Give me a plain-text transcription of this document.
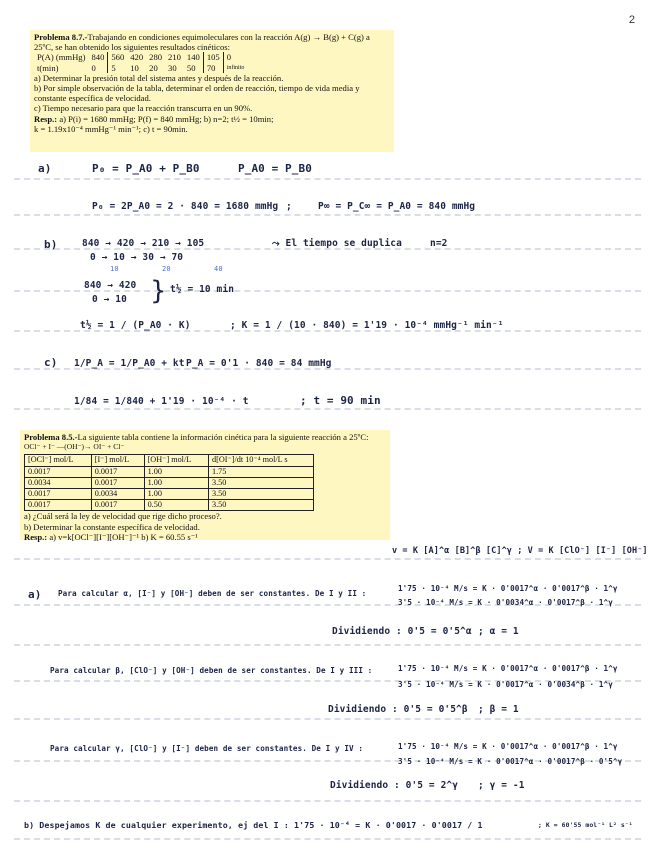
2

Problema 8.7.-Trabajando en condiciones equimoleculares con la reacción A(g) → B(g) + C(g) a 25ºC, se han obtenido los siguientes resultados cinéticos:

P(A) (mmHg)	840	560	420	280	210	140	105	0
t(min)	0	5	10	20	30	50	70	infinito

a) Determinar la presión total del sistema antes y después de la reacción.

b) Por simple observación de la tabla, determinar el orden de reacción, tiempo de vida media y constante específica de velocidad.

c) Tiempo necesario para que la reacción transcurra en un 90%.

Resp.: a) P(i) = 1680 mmHg; P(f) = 840 mmHg; b) n=2; t½ = 10min;

k = 1.19x10⁻⁴ mmHg⁻¹ min⁻¹; c) t = 90min.

a)	P₀ = P_A0 + P_B0	P_A0 = P_B0
P₀ = 2P_A0 = 2 · 840 = 1680 mmHg ;	P∞ = P_C∞ = P_A0 = 840 mmHg
b)	840 → 420 → 210 → 105	⤳ El tiempo se duplica	n=2
0 → 10 → 30 → 70
10	20	40
840 → 420
0 → 10 } t½ = 10 min
t½ = 1 / (P_A0 · K)	; K = 1 / (10 · 840) = 1'19 · 10⁻⁴ mmHg⁻¹ min⁻¹
c) 1/P_A = 1/P_A0 + kt P_A = 0'1 · 840 = 84 mmHg
1/84 = 1/840 + 1'19 · 10⁻⁴ · t	; t = 90 min

Problema 8.5.-La siguiente tabla contiene la información cinética para la siguiente reacción a 25ºC:

OCl⁻ + I⁻ —(OH⁻)→ OI⁻ + Cl⁻

[OCl⁻] mol/L	[I⁻] mol/L	[OH⁻] mol/L	d[OI⁻]/dt 10⁻⁴ mol/L s
0.0017	0.0017	1.00	1.75
0.0034	0.0017	1.00	3.50
0.0017	0.0034	1.00	3.50
0.0017	0.0017	0.50	3.50

a) ¿Cuál será la ley de velocidad que rige dicho proceso?.

b) Determinar la constante específica de velocidad.

Resp.: a) v=k[OCl⁻][I⁻][OH⁻]⁻¹ b) K = 60.55 s⁻¹

v = K [A]^α [B]^β [C]^γ ; V = K [ClO⁻] [I⁻] [OH⁻]
a) Para calcular α, [I⁻] y [OH⁻] deben de ser constantes. De I y II :
1'75 · 10⁻⁴ M/s = K · 0'0017^α · 0'0017^β · 1^γ
3'5 · 10⁻⁴ M/s = K · 0'0034^α · 0'0017^β · 1^γ
Dividiendo : 0'5 = 0'5^α ; α = 1
Para calcular β, [ClO⁻] y [OH⁻] deben de ser constantes. De I y III :	1'75 · 10⁻⁴ M/s = K · 0'0017^α · 0'0017^β · 1^γ
3'5 · 10⁻⁴ M/s = K · 0'0017^α · 0'0034^β · 1^γ
Dividiendo : 0'5 = 0'5^β ; β = 1
Para calcular γ, [ClO⁻] y [I⁻] deben de ser constantes. De I y IV :	1'75 · 10⁻⁴ M/s = K · 0'0017^α · 0'0017^β · 1^γ
3'5 · 10⁻⁴ M/s = K · 0'0017^α · 0'0017^β · 0'5^γ
Dividiendo : 0'5 = 2^γ ; γ = -1
b) Despejamos K de cualquier experimento, ej del I : 1'75 · 10⁻⁴ = K · 0'0017 · 0'0017 / 1	; K = 60'55 mol⁻¹ L² s⁻¹
